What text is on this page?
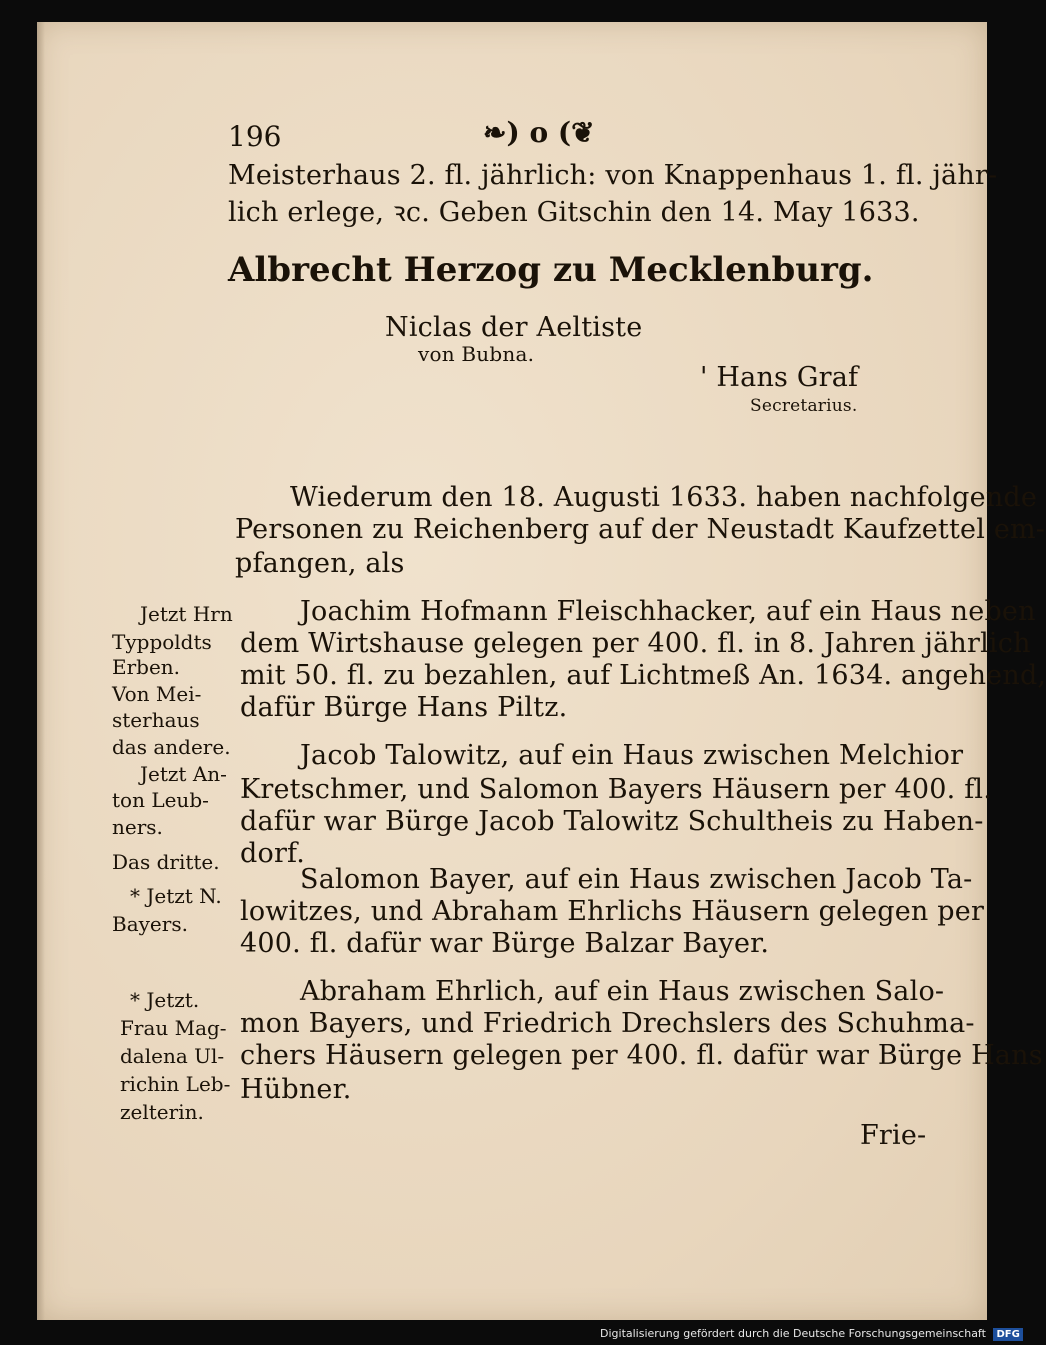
196	❧) o (❦
Meisterhaus 2. fl. jährlich: von Knappenhaus 1. fl. jähr-
lich erlege, ꝛc. Geben Gitschin den 14. May 1633.
Albrecht Herzog zu Mecklenburg.
Niclas der Aeltiste
von Bubna.
' Hans Graf
Secretarius.
Wiederum den 18. Augusti 1633. haben nachfolgende
Personen zu Reichenberg auf der Neustadt Kaufzettel em-
pfangen, als
Joachim Hofmann Fleischhacker, auf ein Haus neben
dem Wirtshause gelegen per 400. fl. in 8. Jahren jährlich
mit 50. fl. zu bezahlen, auf Lichtmeß An. 1634. angehend,
dafür Bürge Hans Piltz.
Jacob Talowitz, auf ein Haus zwischen Melchior
Kretschmer, und Salomon Bayers Häusern per 400. fl.
dafür war Bürge Jacob Talowitz Schultheis zu Haben-
dorf.
Salomon Bayer, auf ein Haus zwischen Jacob Ta-
lowitzes, und Abraham Ehrlichs Häusern gelegen per
400. fl. dafür war Bürge Balzar Bayer.
Abraham Ehrlich, auf ein Haus zwischen Salo-
mon Bayers, und Friedrich Drechslers des Schuhma-
chers Häusern gelegen per 400. fl. dafür war Bürge Hans
Hübner.
Jetzt Hrn
Typpoldts
Erben.
Von Mei-
sterhaus
das andere.
Jetzt An-
ton Leub-
ners.
Das dritte.
* Jetzt N.
Bayers.
* Jetzt.
Frau Mag-
dalena Ul-
richin Leb-
zelterin.
Frie-
Digitalisierung gefördert durch die Deutsche Forschungsgemeinschaft DFG
